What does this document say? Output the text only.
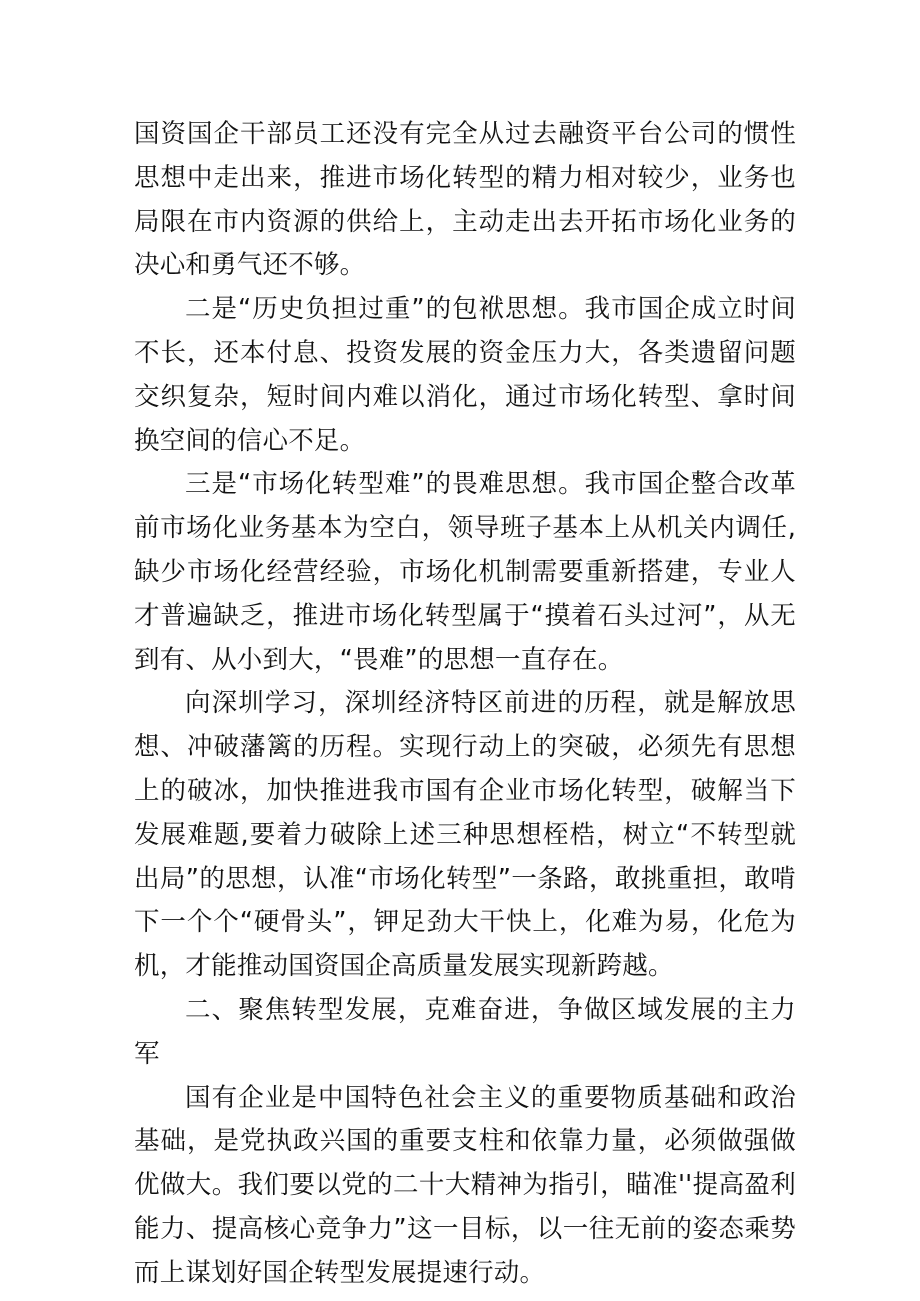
国资国企干部员工还没有完全从过去融资平台公司的惯性思想中走出来，推进市场化转型的精力相对较少，业务也局限在市内资源的供给上，主动走出去开拓市场化业务的决心和勇气还不够。

二是“历史负担过重”的包袱思想。我市国企成立时间不长，还本付息、投资发展的资金压力大，各类遗留问题交织复杂，短时间内难以消化，通过市场化转型、拿时间换空间的信心不足。

三是“市场化转型难”的畏难思想。我市国企整合改革前市场化业务基本为空白，领导班子基本上从机关内调任,缺少市场化经营经验，市场化机制需要重新搭建，专业人才普遍缺乏，推进市场化转型属于“摸着石头过河”，从无到有、从小到大，“畏难”的思想一直存在。

向深圳学习，深圳经济特区前进的历程，就是解放思想、冲破藩篱的历程。实现行动上的突破，必须先有思想上的破冰，加快推进我市国有企业市场化转型，破解当下发展难题,要着力破除上述三种思想桎梏，树立“不转型就出局”的思想，认准“市场化转型”一条路，敢挑重担，敢啃下一个个“硬骨头”，钾足劲大干快上，化难为易，化危为机，才能推动国资国企高质量发展实现新跨越。

二、聚焦转型发展，克难奋进，争做区域发展的主力军

国有企业是中国特色社会主义的重要物质基础和政治基础，是党执政兴国的重要支柱和依靠力量，必须做强做优做大。我们要以党的二十大精神为指引，瞄准''提高盈利能力、提高核心竞争力”这一目标，以一往无前的姿态乘势而上谋划好国企转型发展提速行动。
